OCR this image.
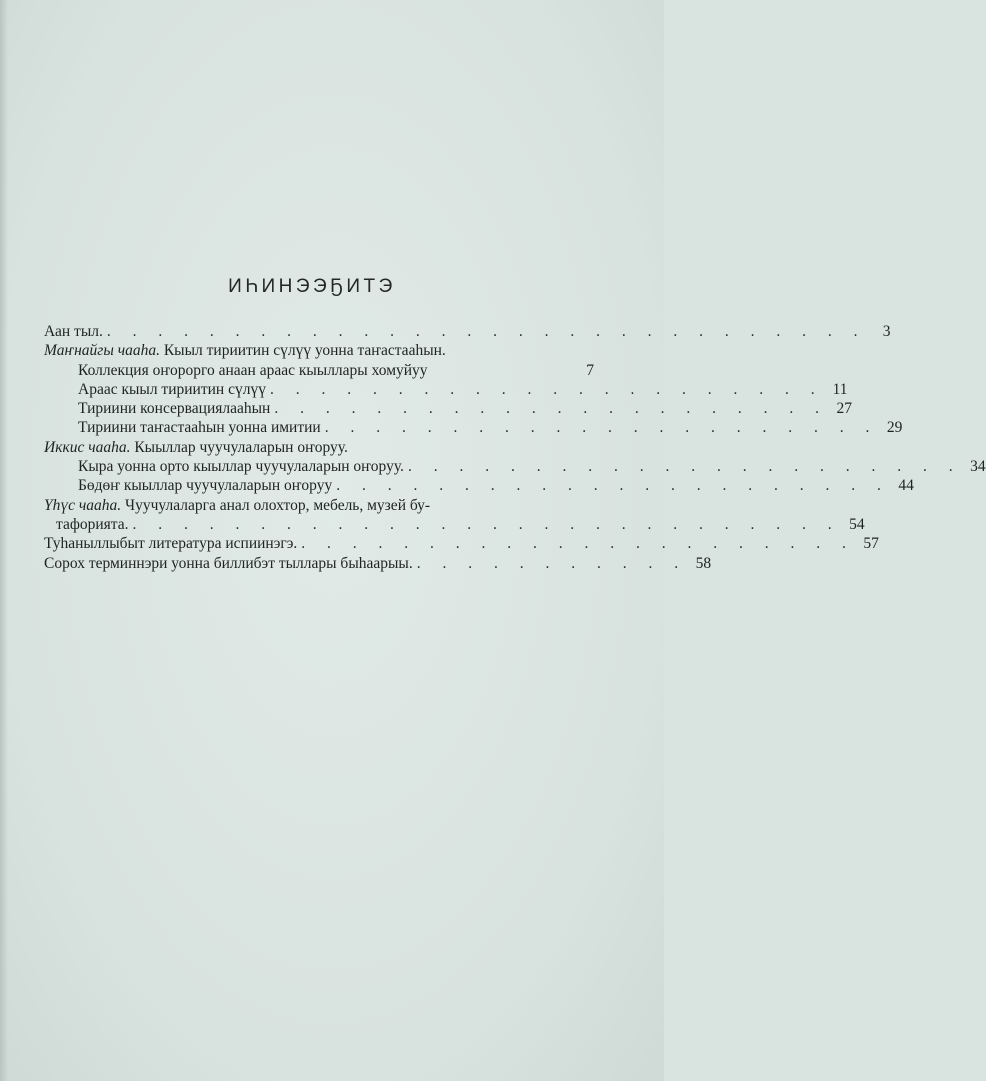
ИҺИНЭЭҔИТЭ
Аан тыл. . . . . . . . . . . . . . . . . . . . . . . . . . . . . . .	3
Маҥнайгы чааһа. Кыыл тириитин сүлүү уонна таҥастааһын.
Коллекция оҥорорго анаан араас кыыллары хомуйуу	7
Араас кыыл тириитин сүлүү . . . . . . . . . . . . . . . . . . . . . . 11
Тириини консервациялааһын . . . . . . . . . . . . . . . . . . . . . . 27
Тириини таҥастааһын уонна имитии . . . . . . . . . . . . . . . . . . . . . . 29
Иккис чааһа. Кыыллар чуучулаларын оҥоруу.
Кыра уонна орто кыыллар чуучулаларын оҥоруу. . . . . . . . . . . . . . . . . . . . . . . 34
Бөдөҥ кыыллар чуучулаларын оҥоруу . . . . . . . . . . . . . . . . . . . . . . 44
Үһүс чааһа. Чуучулаларга анал олохтор, мебель, музей бу-
тафорията. . . . . . . . . . . . . . . . . . . . . . . . . . . . . 54
Туһаныллыбыт литература испиинэгэ. . . . . . . . . . . . . . . . . . . . . . . 57
Сорох терминнэри уонна биллибэт тыллары быһаарыы. . . . . . . . . . . . 58
